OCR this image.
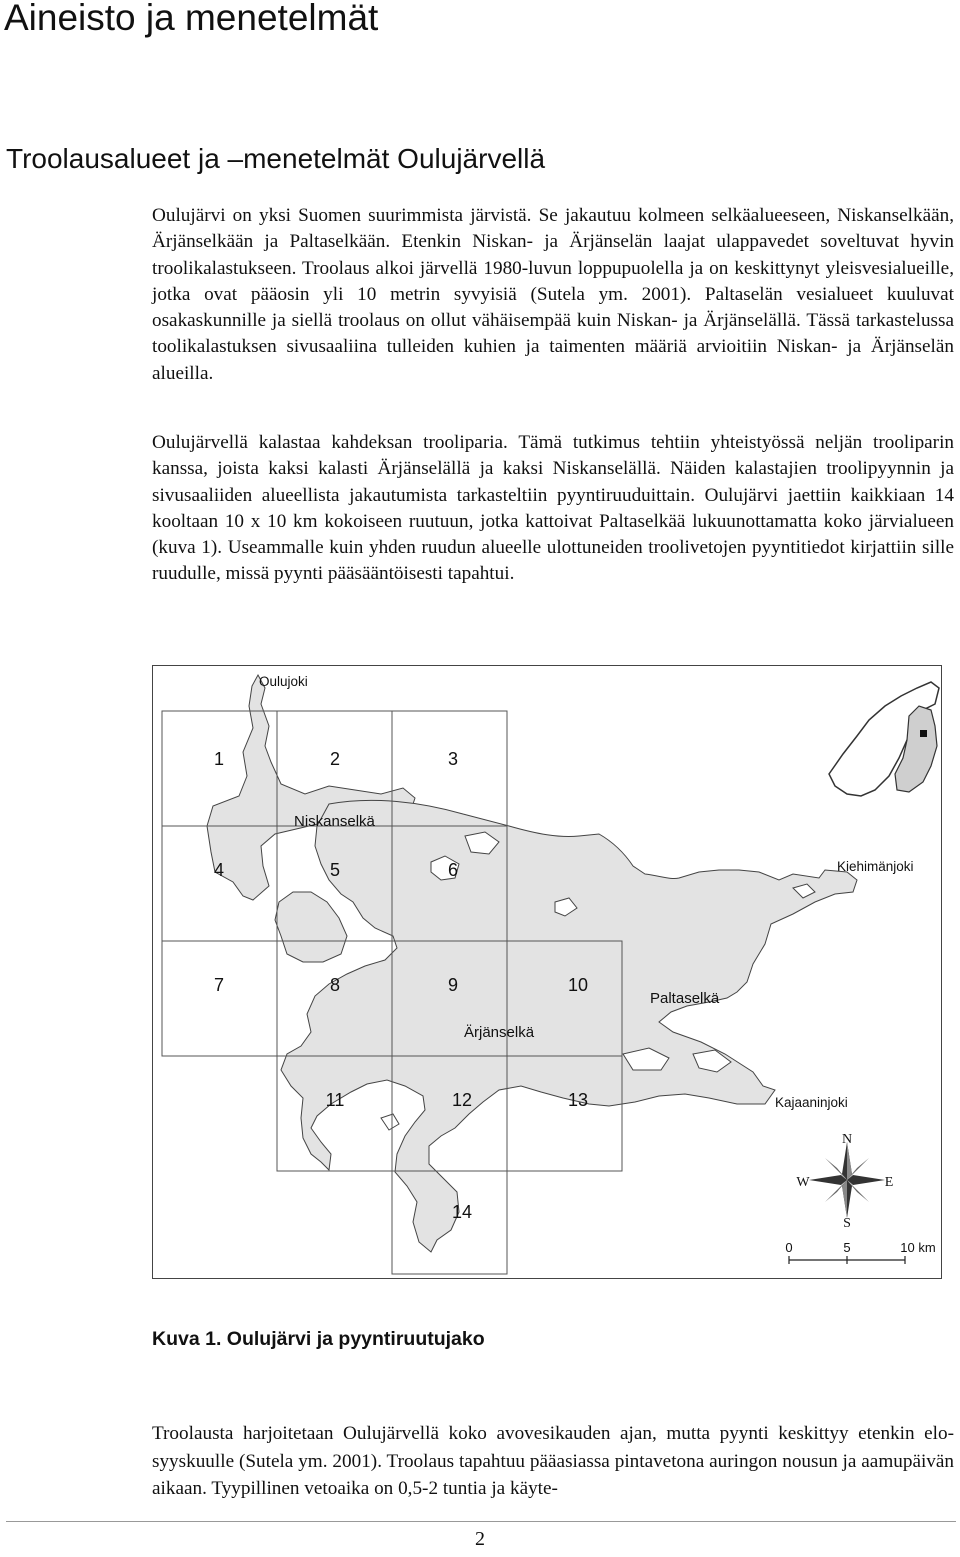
Aineisto ja menetelmät
Troolausalueet ja –menetelmät Oulujärvellä

Oulujärvi on yksi Suomen suurimmista järvistä. Se jakautuu kolmeen selkäalueeseen, Niskanselkään, Ärjänselkään ja Paltaselkään. Etenkin Niskan- ja Ärjänselän laajat ulappavedet soveltuvat hyvin troolikalastukseen. Troolaus alkoi järvellä 1980-luvun loppupuolella ja on keskittynyt yleisvesialueille, jotka ovat pääosin yli 10 metrin syvyisiä (Sutela ym. 2001). Paltaselän vesialueet kuuluvat osakaskunnille ja siellä troolaus on ollut vähäisempää kuin Niskan- ja Ärjänselällä. Tässä tarkastelussa toolikalastuksen sivusaaliina tulleiden kuhien ja taimenten määriä arvioitiin Niskan- ja Ärjänselän alueilla.

Oulujärvellä kalastaa kahdeksan trooliparia. Tämä tutkimus tehtiin yhteistyössä neljän trooliparin kanssa, joista kaksi kalasti Ärjänselällä ja kaksi Niskanselällä. Näiden kalastajien troolipyynnin ja sivusaaliiden alueellista jakautumista tarkasteltiin pyyntiruuduittain. Oulujärvi jaettiin kaikkiaan 14 kooltaan 10 x 10 km kokoiseen ruutuun, jotka kattoivat Paltaselkää lukuunottamatta koko järvialueen (kuva 1). Useammalle kuin yhden ruudun alueelle ulottuneiden troolivetojen pyyntitiedot kirjattiin sille ruudulle, missä pyynti pääsääntöisesti tapahtui.

1	2	3
4	5	6
7	8	9	10
11	12	13
14
Oulujoki
Niskanselkä
Kiehimänjoki
Paltaselkä
Ärjänselkä
Kajaaninjoki
N
S
W	E
0	5	10 km

Kuva 1. Oulujärvi ja pyyntiruutujako

Troolausta harjoitetaan Oulujärvellä koko avovesikauden ajan, mutta pyynti keskittyy etenkin elo-syyskuulle (Sutela ym. 2001). Troolaus tapahtuu pääasiassa pintavetona auringon nousun ja aamupäivän aikaan. Tyypillinen vetoaika on 0,5-2 tuntia ja käyte-

2
